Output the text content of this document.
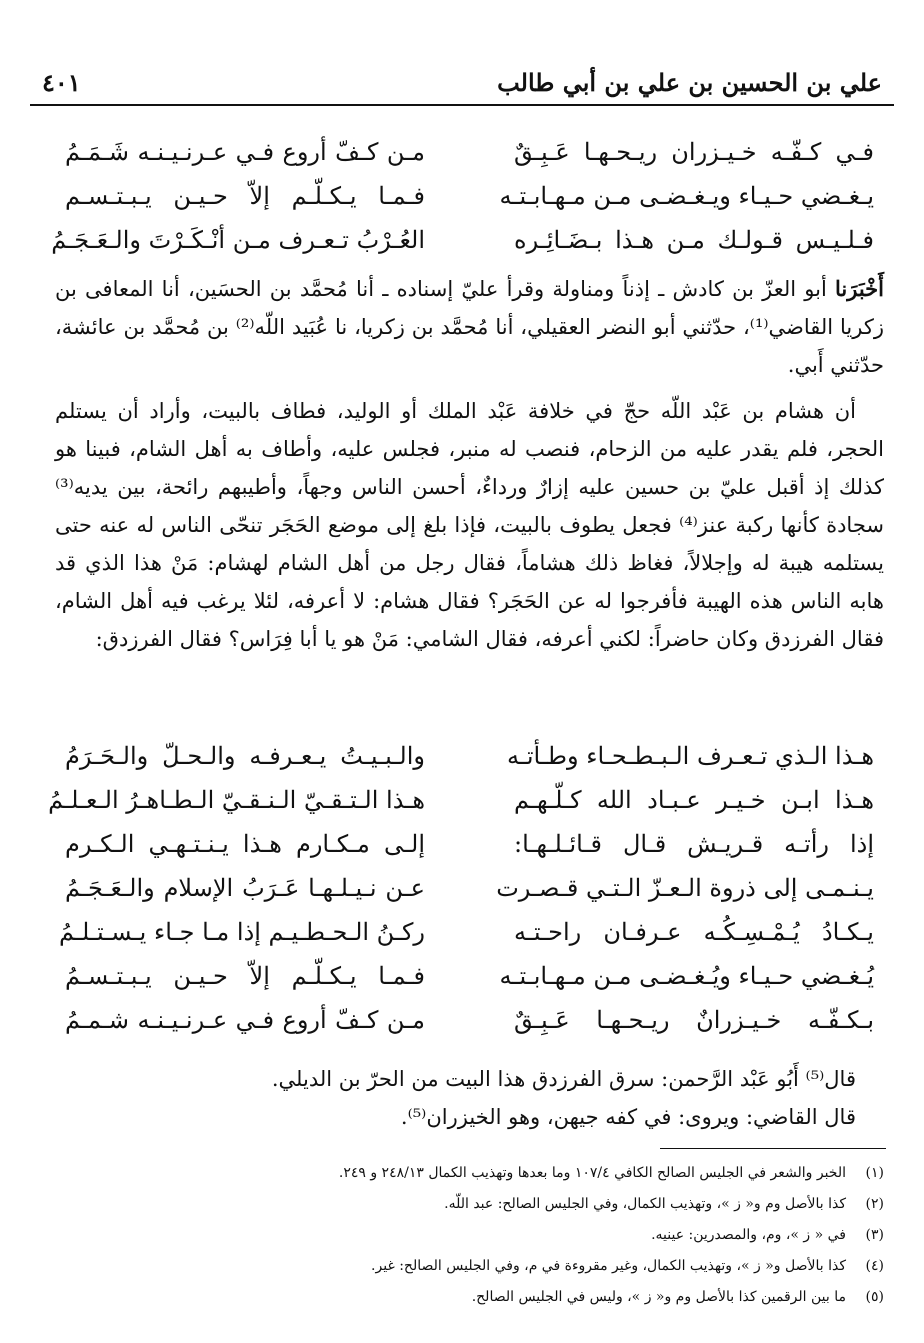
علي بن الحسين بن علي بن أبي طالب
٤٠١
فـي كـفّـه خـيـزران ريـحـهـا عَـبِـقٌ
مـن كـفّ أروع فـي عـرنـيـنـه شَـمَـمُ
يـغـضي حـيـاء ويـغـضـى مـن مـهـابـتـه
فـمـا يـكـلّـم إلاّ حـيـن يـبـتـسـم
فـلـيـس قـولـك مـن هـذا بـضَـائِـره
العُـرْبُ تـعـرف مـن أنْـكَـرْتَ والـعَـجَـمُ

أَخْبَرَنا أبو العزّ بن كادش ـ إذناً ومناولة وقرأ عليّ إسناده ـ أنا مُحمَّد بن الحسَين، أنا المعافى بن زكريا القاضي⁽¹⁾، حدّثني أبو النضر العقيلي، أنا مُحمَّد بن زكريا، نا عُبَيد اللّه⁽²⁾ بن مُحمَّد بن عائشة، حدّثني أَبي.

أن هشام بن عَبْد اللّه حجّ في خلافة عَبْد الملك أو الوليد، فطاف بالبيت، وأراد أن يستلم الحجر، فلم يقدر عليه من الزحام، فنصب له منبر، فجلس عليه، وأطاف به أهل الشام، فبينا هو كذلك إذ أقبل عليّ بن حسين عليه إزارٌ ورداءٌ، أحسن الناس وجهاً، وأطيبهم رائحة، بين يديه⁽³⁾ سجادة كأنها ركبة عنز⁽⁴⁾ فجعل يطوف بالبيت، فإذا بلغ إلى موضع الحَجَر تنحّى الناس له عنه حتى يستلمه هيبة له وإجلالاً، فغاظ ذلك هشاماً، فقال رجل من أهل الشام لهشام: مَنْ هذا الذي قد هابه الناس هذه الهيبة فأفرجوا له عن الحَجَر؟ فقال هشام: لا أعرفه، لئلا يرغب فيه أهل الشام، فقال الفرزدق وكان حاضراً: لكني أعرفه، فقال الشامي: مَنْ هو يا أبا فِرَاس؟ فقال الفرزدق:

هـذا الـذي تـعـرف الـبـطـحـاء وطـأتـه
والـبـيـتُ يـعـرفـه والـحـلّ والـحَـرَمُ
هـذا ابـن خـيـر عـبـاد الله كـلّـهـم
هـذا الـتـقـيّ الـنـقـيّ الـطـاهـرُ الـعـلـمُ
إذا رأتـه قـريـش قـال قـائـلـهـا:
إلـى مـكـارم هـذا يـنـتـهـي الـكـرم
يـنـمـى إلى ذروة الـعـزّ الـتـي قـصـرت
عـن نـيـلـهـا عَـرَبُ الإسلام والـعَـجَـمُ
يـكـادُ يُـمْـسِـكُـه عـرفـان راحـتـه
ركـنُ الـحـطـيـم إذا مـا جـاء يـسـتـلـمُ
يُـغـضي حـيـاء ويُـغـضـى مـن مـهـابـتـه
فـمـا يـكـلّـم إلاّ حـيـن يـبـتـسـمُ
بـكـفّـه خـيـزرانٌ ريـحـهـا عَـبِـقٌ
مـن كـفّ أروع فـي عـرنـيـنـه شـمـمُ

قال⁽⁵⁾ أَبُو عَبْد الرَّحمن: سرق الفرزدق هذا البيت من الحرّ بن الديلي.

قال القاضي: ويروى: في كفه جيهن، وهو الخيزران⁽⁵⁾.

(١)
الخبر والشعر في الجليس الصالح الكافي ١٠٧/٤ وما بعدها وتهذيب الكمال ٢٤٨/١٣ و ٢٤٩.
(٢)
كذا بالأصل وم و« ز »، وتهذيب الكمال، وفي الجليس الصالح: عبد اللّه.
(٣)
في « ز »، وم، والمصدرين: عينيه.
(٤)
كذا بالأصل و« ز »، وتهذيب الكمال، وغير مقروءة في م، وفي الجليس الصالح: غير.
(٥)
ما بين الرقمين كذا بالأصل وم و« ز »، وليس في الجليس الصالح.
